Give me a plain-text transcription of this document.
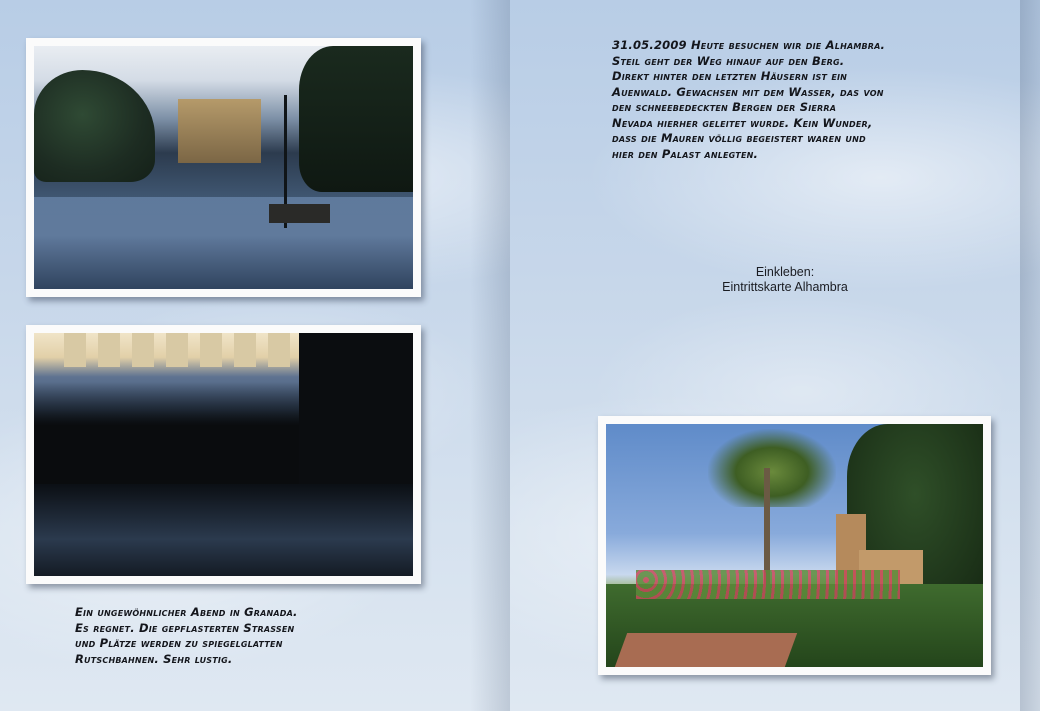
Ein ungewöhnlicher Abend in Granada.
Es regnet. Die gepflasterten Strassen
und Plätze werden zu spiegelglatten
Rutschbahnen. Sehr lustig.
31.05.2009 Heute besuchen wir die Alhambra.
Steil geht der Weg hinauf auf den Berg.
Direkt hinter den letzten Häusern ist ein
Auenwald. Gewachsen mit dem Wasser, das von
den schneebedeckten Bergen der Sierra
Nevada hierher geleitet wurde. Kein Wunder,
dass die Mauren völlig begeistert waren und
hier den Palast anlegten.

Einkleben:
Eintrittskarte Alhambra
